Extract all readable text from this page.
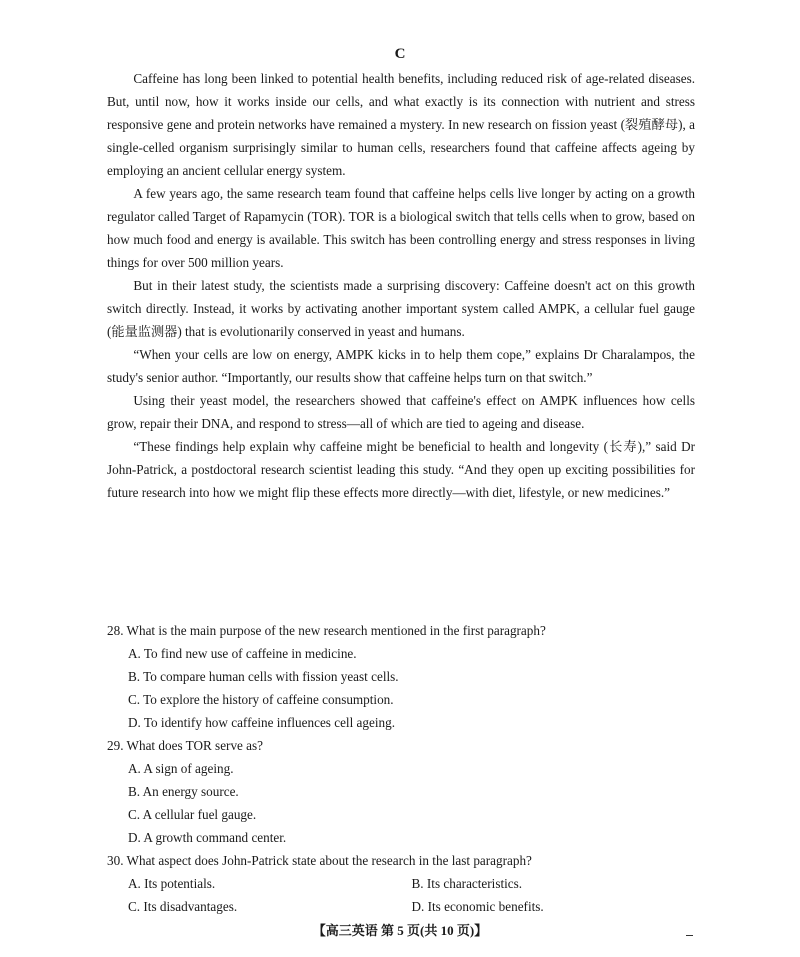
C

Caffeine has long been linked to potential health benefits, including reduced risk of age-related diseases. But, until now, how it works inside our cells, and what exactly is its connection with nutrient and stress responsive gene and protein networks have remained a mystery. In new research on fission yeast (裂殖酵母), a single-celled organism surprisingly similar to human cells, researchers found that caffeine affects ageing by employing an ancient cellular energy system.

A few years ago, the same research team found that caffeine helps cells live longer by acting on a growth regulator called Target of Rapamycin (TOR). TOR is a biological switch that tells cells when to grow, based on how much food and energy is available. This switch has been controlling energy and stress responses in living things for over 500 million years.

But in their latest study, the scientists made a surprising discovery: Caffeine doesn't act on this growth switch directly. Instead, it works by activating another important system called AMPK, a cellular fuel gauge (能量监测器) that is evolutionarily conserved in yeast and humans.

“When your cells are low on energy, AMPK kicks in to help them cope,” explains Dr Charalampos, the study's senior author. “Importantly, our results show that caffeine helps turn on that switch.”

Using their yeast model, the researchers showed that caffeine's effect on AMPK influences how cells grow, repair their DNA, and respond to stress—all of which are tied to ageing and disease.

“These findings help explain why caffeine might be beneficial to health and longevity (长寿),” said Dr John-Patrick, a postdoctoral research scientist leading this study. “And they open up exciting possibilities for future research into how we might flip these effects more directly—with diet, lifestyle, or new medicines.”

28. What is the main purpose of the new research mentioned in the first paragraph?

A. To find new use of caffeine in medicine.

B. To compare human cells with fission yeast cells.

C. To explore the history of caffeine consumption.

D. To identify how caffeine influences cell ageing.

29. What does TOR serve as?

A. A sign of ageing.

B. An energy source.

C. A cellular fuel gauge.

D. A growth command center.

30. What aspect does John-Patrick state about the research in the last paragraph?

A. Its potentials.	B. Its characteristics.

C. Its disadvantages.	D. Its economic benefits.

【高三英语 第 5 页(共 10 页)】
